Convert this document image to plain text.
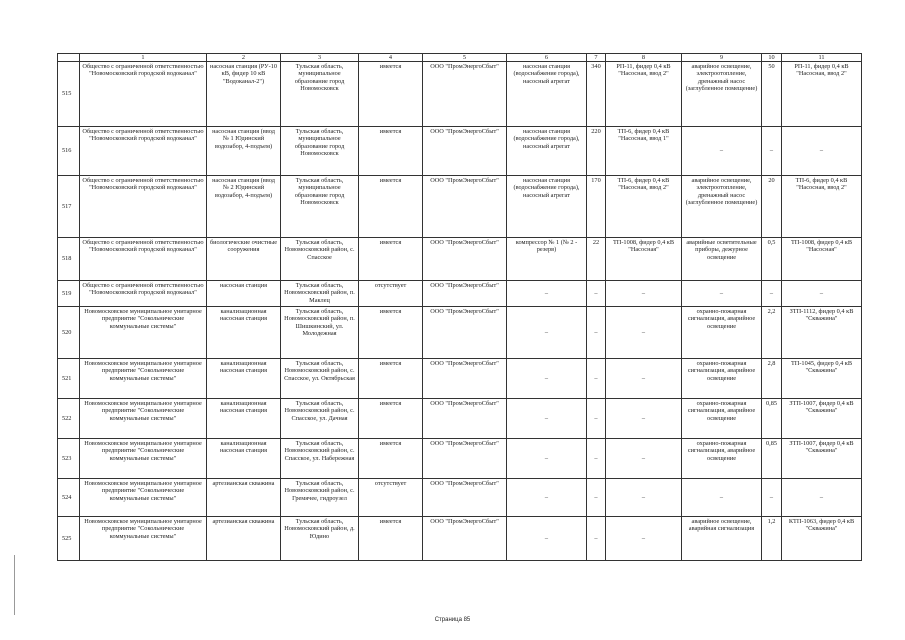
	1	2	3	4	5	6	7	8	9	10	11
515	Общество с ограниченной ответственностью "Новомосковский городской водоканал"	насосная станция (РУ-10 кВ, фидер 10 кВ "Водоканал-2")	Тульская область, муниципальное образование город Новомосковск	имеется	ООО "ПромЭнергоСбыт"	насосная станция (водоснабжение города), насосный агрегат	340	РП-11, фидер 0,4 кВ "Насосная, ввод 2"	аварийное освещение, электроотопление, дренажный насос (заглубленное помещение)	50	РП-11, фидер 0,4 кВ "Насосная, ввод 2"
516	Общество с ограниченной ответственностью "Новомосковский городской водоканал"	насосная станция (ввод № 1 Юдинский водозабор, 4-подъем)	Тульская область, муниципальное образование город Новомосковск	имеется	ООО "ПромЭнергоСбыт"	насосная станция (водоснабжение города), насосный агрегат	220	ТП-6, фидер 0,4 кВ "Насосная, ввод 1"	–	–	–
517	Общество с ограниченной ответственностью "Новомосковский городской водоканал"	насосная станция (ввод № 2 Юдинский водозабор, 4-подъем)	Тульская область, муниципальное образование город Новомосковск	имеется	ООО "ПромЭнергоСбыт"	насосная станция (водоснабжение города), насосный агрегат	170	ТП-6, фидер 0,4 кВ "Насосная, ввод 2"	аварийное освещение, электроотопление, дренажный насос (заглубленное помещение)	20	ТП-6, фидер 0,4 кВ "Насосная, ввод 2"
518	Общество с ограниченной ответственностью "Новомосковский городской водоканал"	биологические очистные сооружения	Тульская область, Новомосковский район, с. Спасское	имеется	ООО "ПромЭнергоСбыт"	компрессор № 1 (№ 2 - резерв)	22	ТП-1008, фидер 0,4 кВ "Насосная"	аварийные осветительные приборы, дежурное освещение	0,5	ТП-1008, фидер 0,4 кВ "Насосная"
519	Общество с ограниченной ответственностью "Новомосковский городской водоканал"	насосная станция	Тульская область, Новомосковский район, п. Маклец	отсутствует	ООО "ПромЭнергоСбыт"	–	–	–	–	–	–
520	Новомосковское муниципальное унитарное предприятие "Сокольнические коммунальные системы"	канализационная насосная станция	Тульская область, Новомосковский район, п. Шишкинский, ул. Молодежная	имеется	ООО "ПромЭнергоСбыт"	–	–	–	охранно-пожарная сигнализация, аварийное освещение	2,2	ЗТП-1112, фидер 0,4 кВ "Скважина"
521	Новомосковское муниципальное унитарное предприятие "Сокольнические коммунальные системы"	канализационная насосная станция	Тульская область, Новомосковский район, с. Спасское, ул. Октябрьская	имеется	ООО "ПромЭнергоСбыт"	–	–	–	охранно-пожарная сигнализация, аварийное освещение	2,8	ТП-1045, фидер 0,4 кВ "Скважина"
522	Новомосковское муниципальное унитарное предприятие "Сокольнические коммунальные системы"	канализационная насосная станция	Тульская область, Новомосковский район, с. Спасское, ул. Дачная	имеется	ООО "ПромЭнергоСбыт"	–	–	–	охранно-пожарная сигнализация, аварийное освещение	0,85	ЗТП-1007, фидер 0,4 кВ "Скважина"
523	Новомосковское муниципальное унитарное предприятие "Сокольнические коммунальные системы"	канализационная насосная станция	Тульская область, Новомосковский район, с. Спасское, ул. Набережная	имеется	ООО "ПромЭнергоСбыт"	–	–	–	охранно-пожарная сигнализация, аварийное освещение	0,85	ЗТП-1007, фидер 0,4 кВ "Скважина"
524	Новомосковское муниципальное унитарное предприятие "Сокольнические коммунальные системы"	артезианская скважина	Тульская область, Новомосковский район, с. Гремячее, гидроузел	отсутствует	ООО "ПромЭнергоСбыт"	–	–	–	–	–	–
525	Новомосковское муниципальное унитарное предприятие "Сокольнические коммунальные системы"	артезианская скважина	Тульская область, Новомосковский район, д. Юдино	имеется	ООО "ПромЭнергоСбыт"	–	–	–	аварийное освещение, аварийная сигнализация	1,2	КТП-1063, фидер 0,4 кВ "Скважина"
Страница 85
